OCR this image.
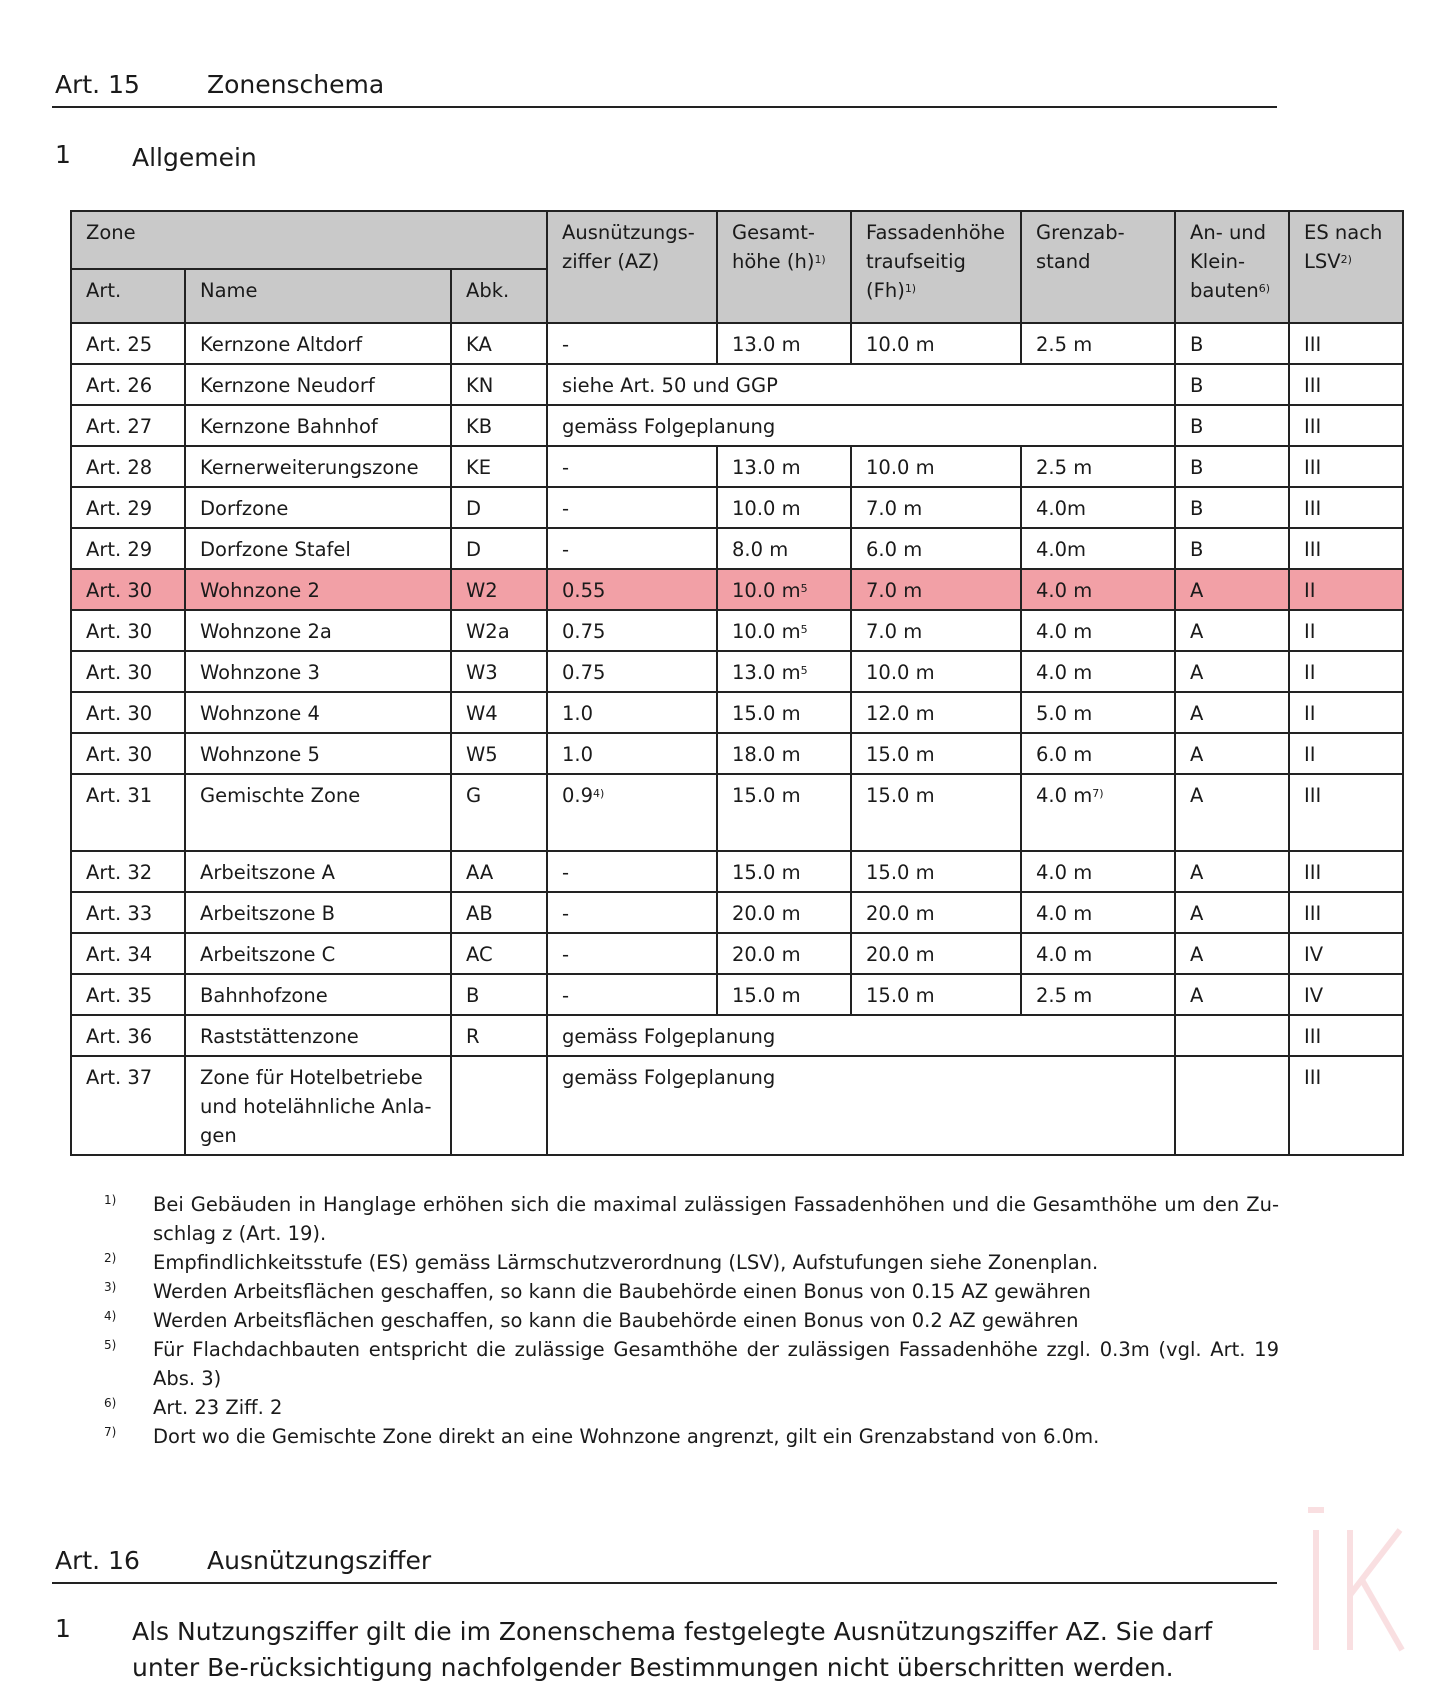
Art. 15	Zonenschema
1 Allgemein
Zone			Ausnützungs-ziffer (AZ)	Gesamt-höhe $(h)^{1)}$	Fassadenhöhe traufseitig $(Fh)^{1)}$	Grenzab-stand	An- und Klein-bauten$^{6)}$	ES nach LSV$^{2)}$
Art.	Name	Abk.						
Art. 25	Kernzone Altdorf	KA	-	13.0 m	10.0 m	2.5 m	B	III
Art. 26	Kernzone Neudorf	KN	siehe Art. 50 und GGP				B	III
Art. 27	Kernzone Bahnhof	KB	gemäss Folgeplanung				B	III
Art. 28	Kernerweiterungszone	KE	-	13.0 m	10.0 m	2.5 m	B	III
Art. 29	Dorfzone	D	-	10.0 m	7.0 m	4.0m	B	III
Art. 29	Dorfzone Stafel	D	-	8.0 m	6.0 m	4.0m	B	III
Art. 30	Wohnzone 2	W2	0.55	10.0 $m^5$	7.0 m	4.0 m	A	II
Art. 30	Wohnzone 2a	W2a	0.75	10.0 $m^5$	7.0 m	4.0 m	A	II
Art. 30	Wohnzone 3	W3	0.75	13.0 $m^5$	10.0 m	4.0 m	A	II
Art. 30	Wohnzone 4	W4	1.0	15.0 m	12.0 m	5.0 m	A	II
Art. 30	Wohnzone 5	W5	1.0	18.0 m	15.0 m	6.0 m	A	II
Art. 31	Gemischte Zone	G	0.9$^{4)}$	15.0 m	15.0 m	4.0 $m^{7)}$	A	III
Art. 32	Arbeitszone A	AA	-	15.0 m	15.0 m	4.0 m	A	III
Art. 33	Arbeitszone B	AB	-	20.0 m	20.0 m	4.0 m	A	III
Art. 34	Arbeitszone C	AC	-	20.0 m	20.0 m	4.0 m	A	IV
Art. 35	Bahnhofzone	B	-	15.0 m	15.0 m	2.5 m	A	IV
Art. 36	Raststättenzone	R	gemäss Folgeplanung					III
Art. 37	Zone für Hotelbetriebe und hotelähnliche Anla-gen		gemäss Folgeplanung					III
1) Bei Gebäuden in Hanglage erhöhen sich die maximal zulässigen Fassadenhöhen und die Gesamthöhe um den Zu-schlag z (Art. 19).
2) Empfindlichkeitsstufe (ES) gemäss Lärmschutzverordnung (LSV), Aufstufungen siehe Zonenplan.
3) Werden Arbeitsflächen geschaffen, so kann die Baubehörde einen Bonus von 0.15 AZ gewähren
4) Werden Arbeitsflächen geschaffen, so kann die Baubehörde einen Bonus von 0.2 AZ gewähren
5) Für Flachdachbauten entspricht die zulässige Gesamthöhe der zulässigen Fassadenhöhe zzgl. 0.3m (vgl. Art. 19 Abs. 3)
6) Art. 23 Ziff. 2
7) Dort wo die Gemischte Zone direkt an eine Wohnzone angrenzt, gilt ein Grenzabstand von 6.0m.
Art. 16	Ausnützungsziffer
1 Als Nutzungsziffer gilt die im Zonenschema festgelegte Ausnützungsziffer AZ. Sie darf unter Be-rücksichtigung nachfolgender Bestimmungen nicht überschritten werden.
